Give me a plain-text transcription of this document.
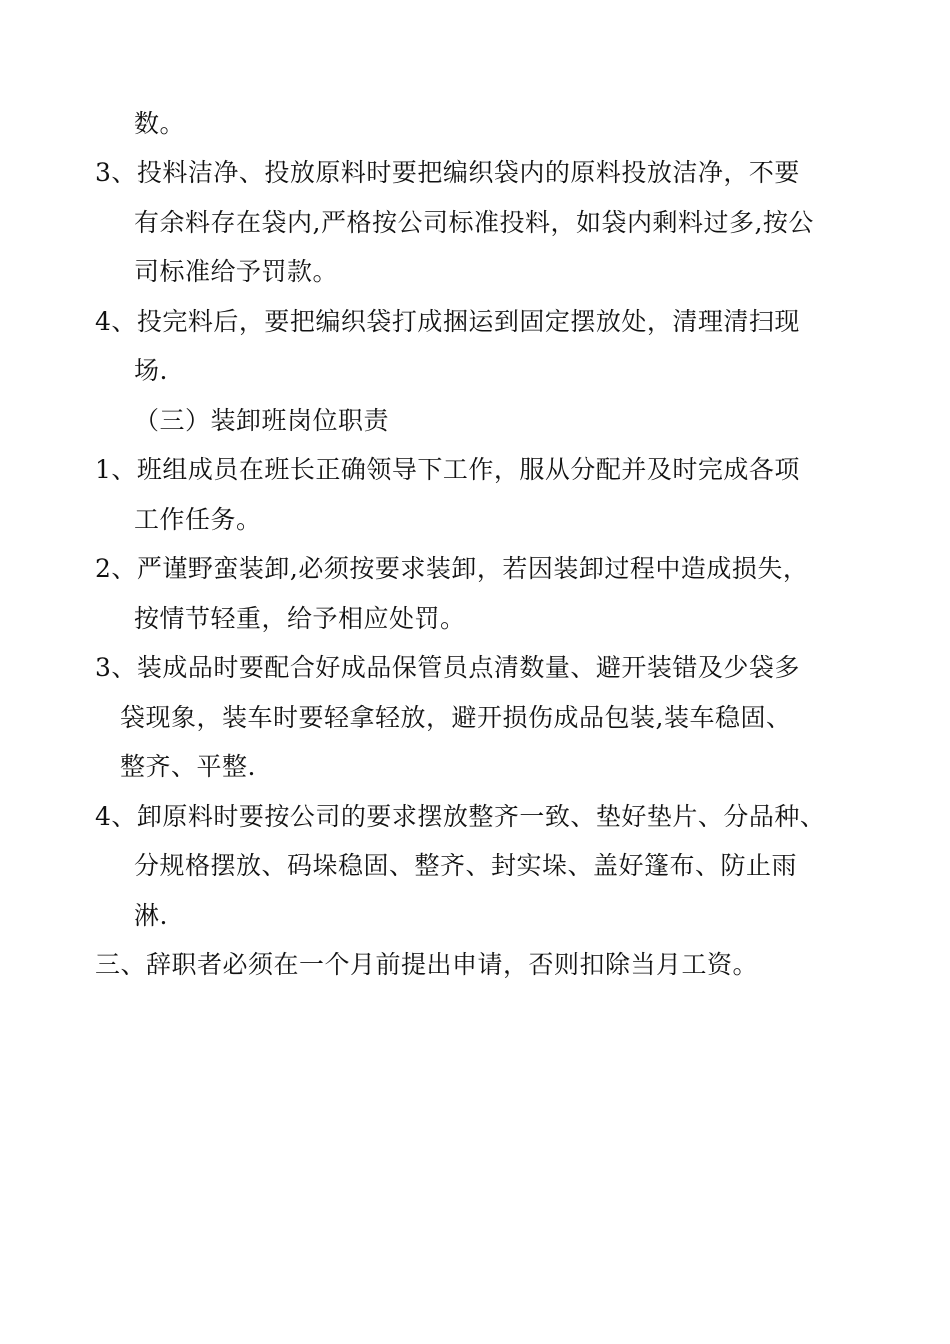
数。
3、投料洁净、投放原料时要把编织袋内的原料投放洁净，不要
有余料存在袋内,严格按公司标准投料，如袋内剩料过多,按公
司标准给予罚款。
4、投完料后，要把编织袋打成捆运到固定摆放处，清理清扫现
场.
（三）装卸班岗位职责
1、班组成员在班长正确领导下工作，服从分配并及时完成各项
工作任务。
2、严谨野蛮装卸,必须按要求装卸，若因装卸过程中造成损失，
按情节轻重，给予相应处罚。
3、装成品时要配合好成品保管员点清数量、避开装错及少袋多
袋现象，装车时要轻拿轻放，避开损伤成品包装,装车稳固、
整齐、平整.
4、卸原料时要按公司的要求摆放整齐一致、垫好垫片、分品种、
分规格摆放、码垛稳固、整齐、封实垛、盖好篷布、防止雨
淋.
三、辞职者必须在一个月前提出申请，否则扣除当月工资。
